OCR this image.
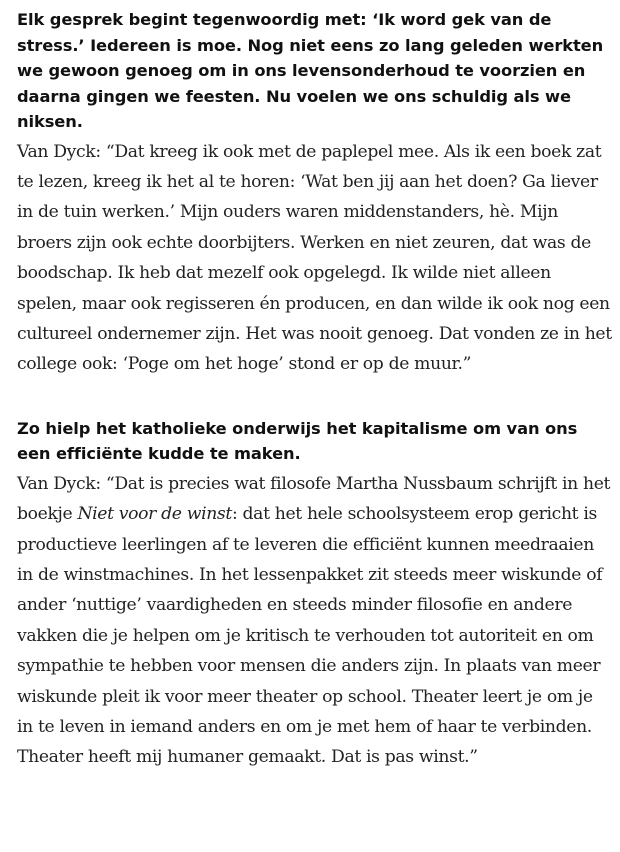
Elk gesprek begint tegenwoordig met: ‘Ik word gek van de stress.’ Iedereen is moe. Nog niet eens zo lang geleden werkten we gewoon genoeg om in ons levensonderhoud te voorzien en daarna gingen we feesten. Nu voelen we ons schuldig als we niksen.

Van Dyck: “Dat kreeg ik ook met de paplepel mee. Als ik een boek zat te lezen, kreeg ik het al te horen: ‘Wat ben jij aan het doen? Ga liever in de tuin werken.’ Mijn ouders waren middenstanders, hè. Mijn broers zijn ook echte doorbijters. Werken en niet zeuren, dat was de boodschap. Ik heb dat mezelf ook opgelegd. Ik wilde niet alleen spelen, maar ook regisseren én producen, en dan wilde ik ook nog een cultureel ondernemer zijn. Het was nooit genoeg. Dat vonden ze in het college ook: ‘Poge om het hoge’ stond er op de muur.”

Zo hielp het katholieke onderwijs het kapitalisme om van ons een efficiënte kudde te maken.

Van Dyck: “Dat is precies wat filosofe Martha Nussbaum schrijft in het boekje Niet voor de winst: dat het hele schoolsysteem erop gericht is productieve leerlingen af te leveren die efficiënt kunnen meedraaien in de winstmachines. In het lessenpakket zit steeds meer wiskunde of ander ‘nuttige’ vaardigheden en steeds minder filosofie en andere vakken die je helpen om je kritisch te verhouden tot autoriteit en om sympathie te hebben voor mensen die anders zijn. In plaats van meer wiskunde pleit ik voor meer theater op school. Theater leert je om je in te leven in iemand anders en om je met hem of haar te verbinden. Theater heeft mij humaner gemaakt. Dat is pas winst.”
